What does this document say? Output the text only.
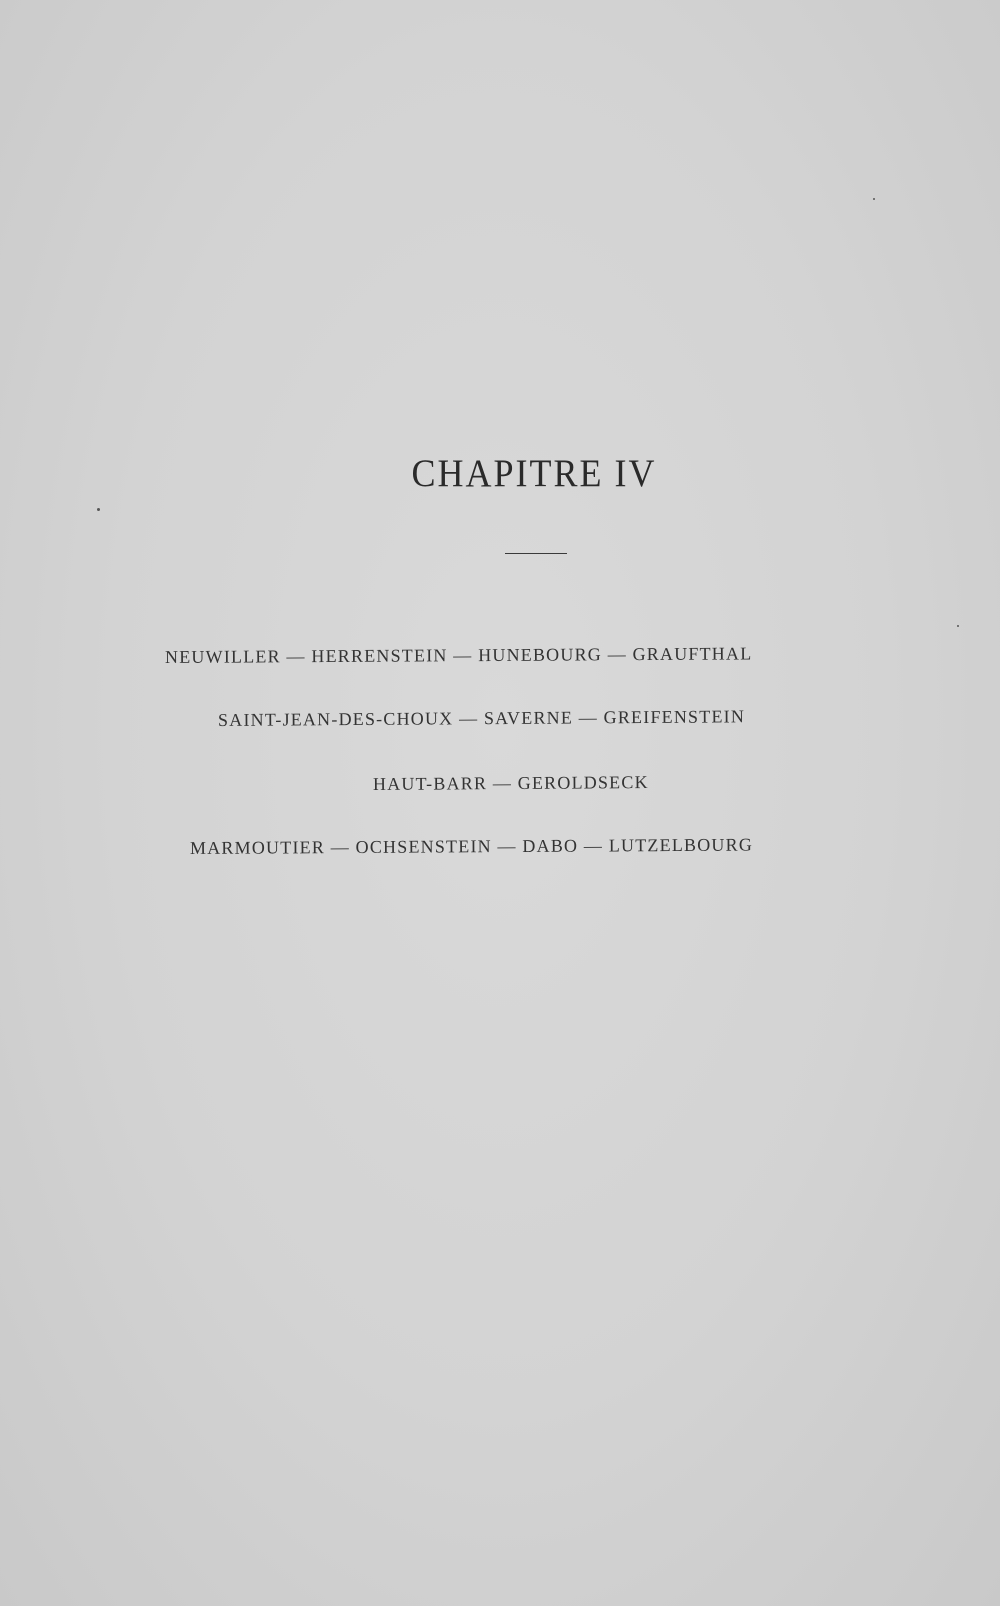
CHAPITRE IV
NEUWILLER — HERRENSTEIN — HUNEBOURG — GRAUFTHAL
SAINT-JEAN-DES-CHOUX — SAVERNE — GREIFENSTEIN
HAUT-BARR — GEROLDSECK
MARMOUTIER — OCHSENSTEIN — DABO — LUTZELBOURG
